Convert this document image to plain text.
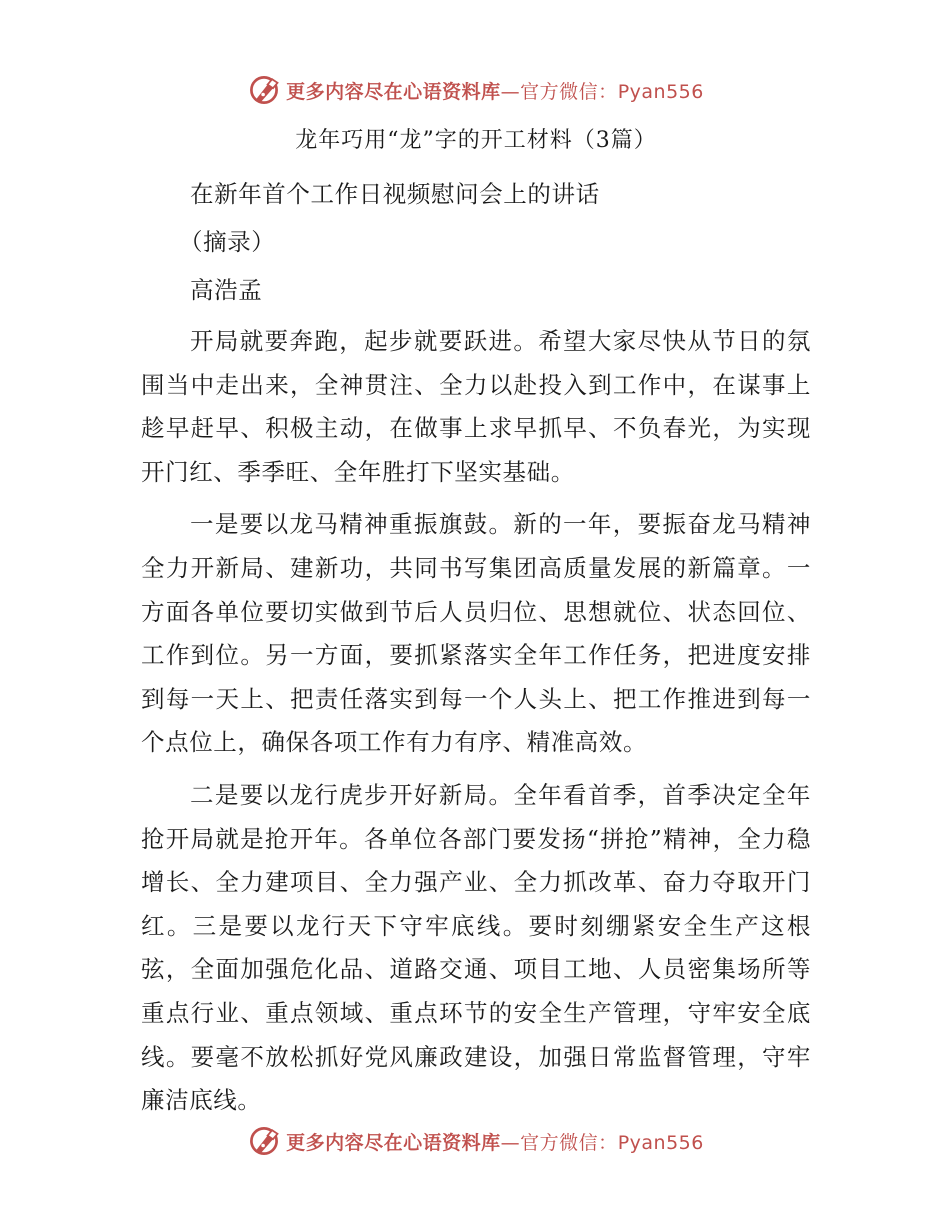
更多内容尽在心语资料库—官方微信：Pyan556
龙年巧用“龙”字的开工材料（3篇）

在新年首个工作日视频慰问会上的讲话

（摘录）

高浩孟

开局就要奔跑，起步就要跃进。希望大家尽快从节日的氛围当中走出来，全神贯注、全力以赴投入到工作中，在谋事上趁早赶早、积极主动，在做事上求早抓早、不负春光，为实现开门红、季季旺、全年胜打下坚实基础。

一是要以龙马精神重振旗鼓。新的一年，要振奋龙马精神全力开新局、建新功，共同书写集团高质量发展的新篇章。一方面各单位要切实做到节后人员归位、思想就位、状态回位、工作到位。另一方面，要抓紧落实全年工作任务，把进度安排到每一天上、把责任落实到每一个人头上、把工作推进到每一个点位上，确保各项工作有力有序、精准高效。

二是要以龙行虎步开好新局。全年看首季，首季决定全年抢开局就是抢开年。各单位各部门要发扬“拼抢”精神，全力稳增长、全力建项目、全力强产业、全力抓改革、奋力夺取开门红。三是要以龙行天下守牢底线。要时刻绷紧安全生产这根弦，全面加强危化品、道路交通、项目工地、人员密集场所等重点行业、重点领域、重点环节的安全生产管理，守牢安全底线。要毫不放松抓好党风廉政建设，加强日常监督管理，守牢廉洁底线。

更多内容尽在心语资料库—官方微信：Pyan556
